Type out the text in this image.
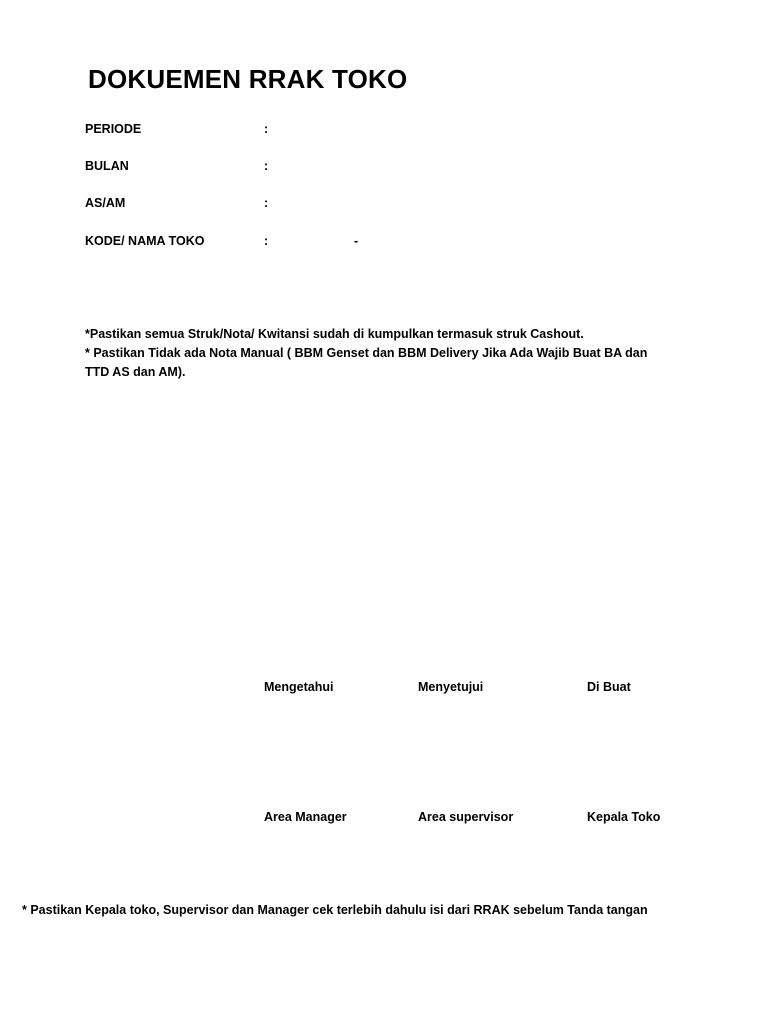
DOKUEMEN RRAK TOKO
PERIODE	:
BULAN	:
AS/AM	:
KODE/ NAMA TOKO	:	-
*Pastikan semua Struk/Nota/ Kwitansi sudah di kumpulkan termasuk struk Cashout.
* Pastikan Tidak ada Nota Manual ( BBM Genset dan BBM Delivery Jika Ada Wajib Buat BA dan
TTD AS dan AM).
Mengetahui	Menyetujui	Di Buat
Area Manager	Area supervisor	Kepala Toko
* Pastikan Kepala toko, Supervisor dan Manager cek terlebih dahulu isi dari RRAK sebelum Tanda tangan
